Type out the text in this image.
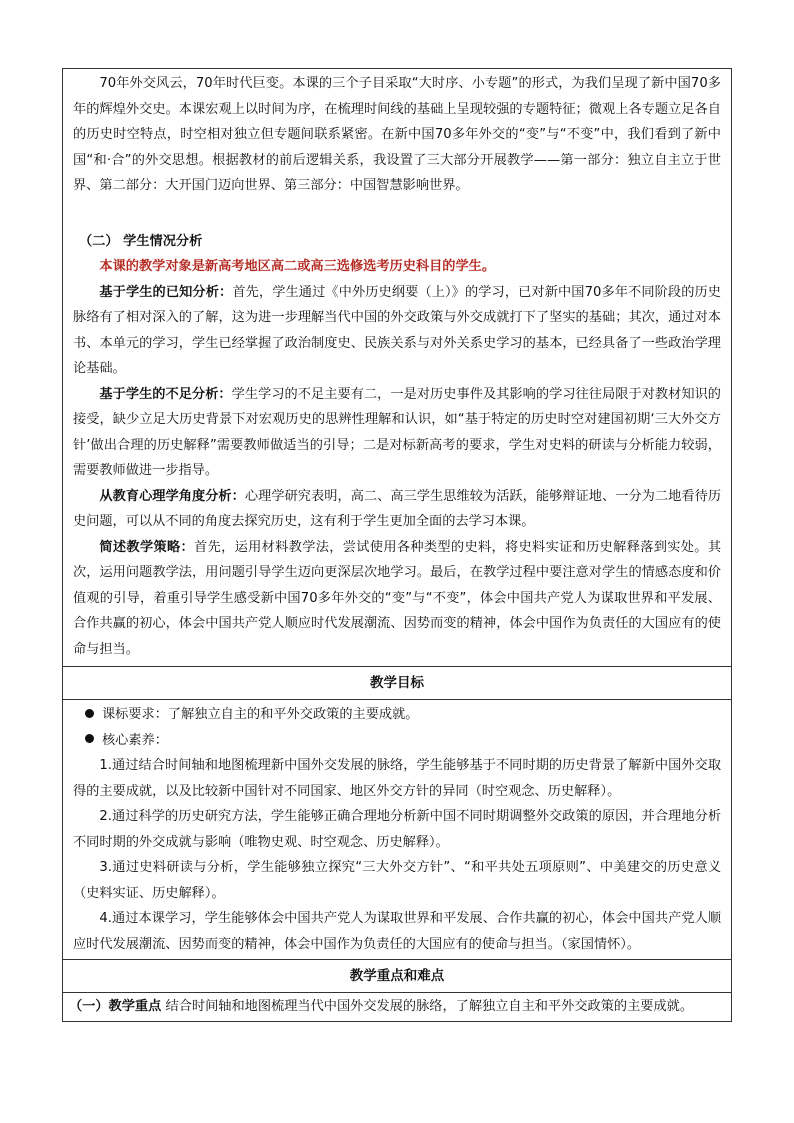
70年外交风云，70年时代巨变。本课的三个子目采取“大时序、小专题”的形式，为我们呈现了新中国70多年的辉煌外交史。本课宏观上以时间为序，在梳理时间线的基础上呈现较强的专题特征；微观上各专题立足各自的历史时空特点，时空相对独立但专题间联系紧密。在新中国70多年外交的“变”与“不变”中，我们看到了新中国“和·合”的外交思想。根据教材的前后逻辑关系，我设置了三大部分开展教学——第一部分：独立自主立于世界、第二部分：大开国门迈向世界、第三部分：中国智慧影响世界。

（二） 学生情况分析

本课的教学对象是新高考地区高二或高三选修选考历史科目的学生。

基于学生的已知分析：首先，学生通过《中外历史纲要（上）》的学习，已对新中国70多年不同阶段的历史脉络有了相对深入的了解，这为进一步理解当代中国的外交政策与外交成就打下了坚实的基础；其次，通过对本书、本单元的学习，学生已经掌握了政治制度史、民族关系与对外关系史学习的基本，已经具备了一些政治学理论基础。

基于学生的不足分析：学生学习的不足主要有二，一是对历史事件及其影响的学习往往局限于对教材知识的接受，缺少立足大历史背景下对宏观历史的思辨性理解和认识，如“基于特定的历史时空对建国初期‘三大外交方针’做出合理的历史解释”需要教师做适当的引导；二是对标新高考的要求，学生对史料的研读与分析能力较弱，需要教师做进一步指导。

从教育心理学角度分析：心理学研究表明，高二、高三学生思维较为活跃，能够辩证地、一分为二地看待历史问题，可以从不同的角度去探究历史，这有利于学生更加全面的去学习本课。

简述教学策略：首先，运用材料教学法，尝试使用各种类型的史料，将史料实证和历史解释落到实处。其次，运用问题教学法，用问题引导学生迈向更深层次地学习。最后，在教学过程中要注意对学生的情感态度和价值观的引导，着重引导学生感受新中国70多年外交的“变”与“不变”，体会中国共产党人为谋取世界和平发展、合作共赢的初心，体会中国共产党人顺应时代发展潮流、因势而变的精神，体会中国作为负责任的大国应有的使命与担当。

教学目标

课标要求：了解独立自主的和平外交政策的主要成就。

核心素养：

1.通过结合时间轴和地图梳理新中国外交发展的脉络，学生能够基于不同时期的历史背景了解新中国外交取得的主要成就，以及比较新中国针对不同国家、地区外交方针的异同（时空观念、历史解释）。

2.通过科学的历史研究方法，学生能够正确合理地分析新中国不同时期调整外交政策的原因，并合理地分析不同时期的外交成就与影响（唯物史观、时空观念、历史解释）。

3.通过史料研读与分析，学生能够独立探究“三大外交方针”、“和平共处五项原则”、中美建交的历史意义（史料实证、历史解释）。

4.通过本课学习，学生能够体会中国共产党人为谋取世界和平发展、合作共赢的初心，体会中国共产党人顺应时代发展潮流、因势而变的精神，体会中国作为负责任的大国应有的使命与担当。（家国情怀）。

教学重点和难点
（一）教学重点 结合时间轴和地图梳理当代中国外交发展的脉络，了解独立自主和平外交政策的主要成就。
